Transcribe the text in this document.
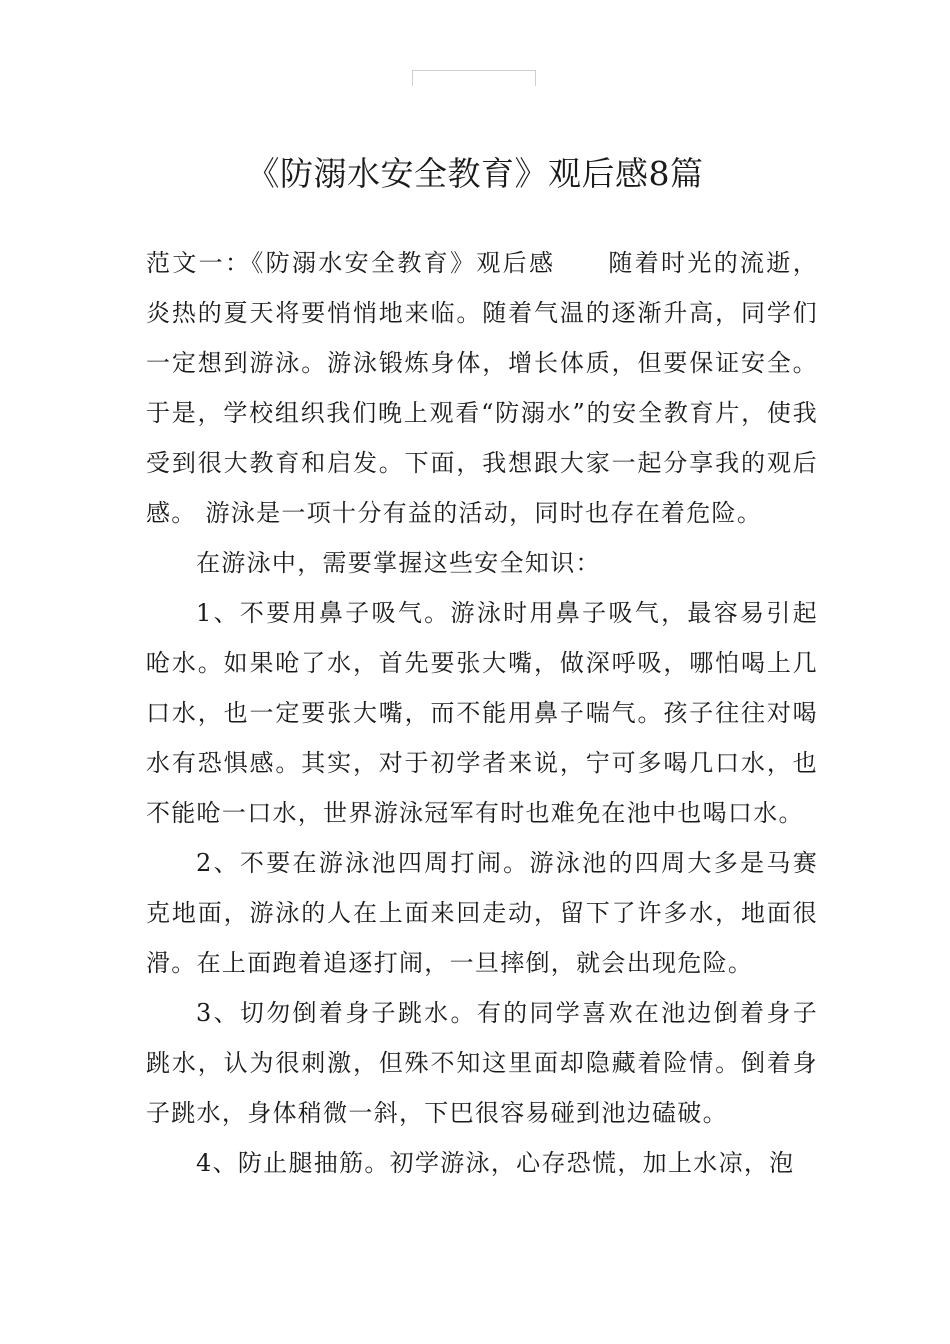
《防溺水安全教育》观后感8篇

范文一：《防溺水安全教育》观后感 随着时光的流逝，炎热的夏天将要悄悄地来临。随着气温的逐渐升高，同学们一定想到游泳。游泳锻炼身体，增长体质，但要保证安全。于是，学校组织我们晚上观看“防溺水”的安全教育片，使我受到很大教育和启发。下面，我想跟大家一起分享我的观后感。 游泳是一项十分有益的活动，同时也存在着危险。

在游泳中，需要掌握这些安全知识：

1、不要用鼻子吸气。游泳时用鼻子吸气，最容易引起呛水。如果呛了水，首先要张大嘴，做深呼吸，哪怕喝上几口水，也一定要张大嘴，而不能用鼻子喘气。孩子往往对喝水有恐惧感。其实，对于初学者来说，宁可多喝几口水，也不能呛一口水，世界游泳冠军有时也难免在池中也喝口水。

2、不要在游泳池四周打闹。游泳池的四周大多是马赛克地面，游泳的人在上面来回走动，留下了许多水，地面很滑。在上面跑着追逐打闹，一旦摔倒，就会出现危险。

3、切勿倒着身子跳水。有的同学喜欢在池边倒着身子跳水，认为很刺激，但殊不知这里面却隐藏着险情。倒着身子跳水，身体稍微一斜，下巴很容易碰到池边磕破。

4、防止腿抽筋。初学游泳，心存恐慌，加上水凉，泡
